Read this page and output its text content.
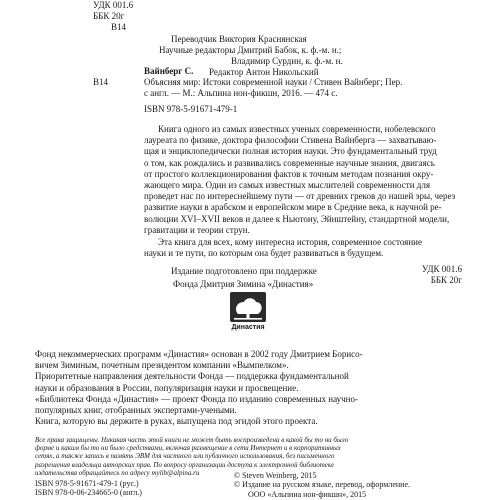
УДК 001.6
ББК 20г
В14
Переводчик Виктория Краснянская
Научные редакторы Дмитрий Бабок, к. ф.-м. н.;
Владимир Сурдин, к. ф.-м. н.
Редактор Антон Никольский
В14
Вайнберг С.
Объясняя мир: Истоки современной науки / Стивен Вайнберг; Пер.
с англ. — М.: Альпина нон-фикшн, 2016. — 474 с.
ISBN 978-5-91671-479-1
Книга одного из самых известных ученых современности, нобелевского
лауреата по физике, доктора философии Стивена Вайнберга — захватываю-
щая и энциклопедически полная история науки. Это фундаментальный труд
о том, как рождались и развивались современные научные знания, двигаясь
от простого коллекционирования фактов к точным методам познания окру-
жающего мира. Один из самых известных мыслителей современности для
проведет нас по интереснейшему пути — от древних греков до нашей эры, через
развитие науки в арабском и европейском мире в Средние века, к научной ре-
волюции XVI–XVII веков и далее к Ньютону, Эйнштейну, стандартной модели,
гравитации и теории струн.
Эта книга для всех, кому интересна история, современное состояние
науки и те пути, по которым она будет развиваться в будущем.
УДК 001.6
ББК 20г
Издание подготовлено при поддержке
Фонда Дмитрия Зимина «Династия»
Династия
Фонд некоммерческих программ «Династия» основан в 2002 году Дмитрием Борисо-
вичем Зиминым, почетным президентом компании «Вымпелком».
Приоритетные направления деятельности Фонда — поддержка фундаментальной
науки и образования в России, популяризация науки и просвещение.
«Библиотека Фонда «Династия» — проект Фонда по изданию современных научно-
популярных книг, отобранных экспертами-учеными.
Книга, которую вы держите в руках, выпущена под эгидой этого проекта.
Все права защищены. Никакая часть этой книги не может быть воспроизведена в какой бы то ни было
форме и каким бы то ни было средствами, включая размещение в сети Интернет и в корпоративных
сетях, а также запись в память ЭВМ для частного или публичного использования, без письменного
разрешения владельца авторских прав. По вопросу организации доступа к электронной библиотеке
издательства обращайтесь по адресу mylib@alpina.ru
ISBN 978-5-91671-479-1 (рус.)
ISBN 978-0-06-234665-0 (англ.)
© Steven Weinberg, 2015
© Издание на русском языке, перевод, оформление.
ООО «Альпина нон-фикшн», 2015
